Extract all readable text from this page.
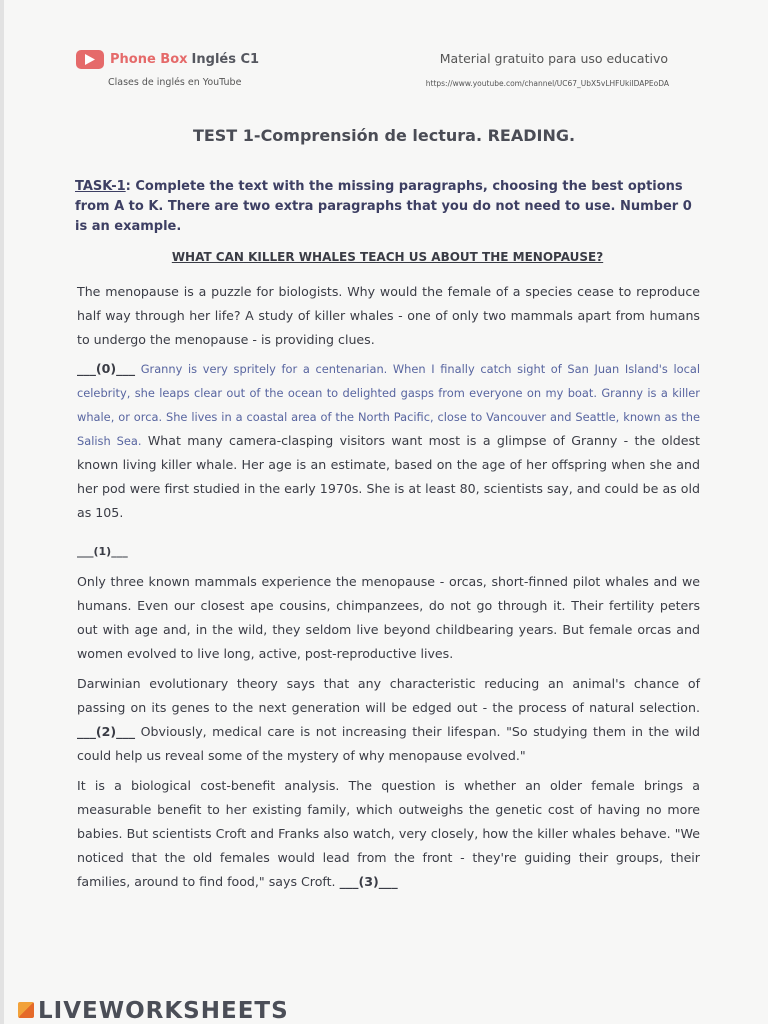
Phone Box Inglés C1
Clases de inglés en YouTube
Material gratuito para uso educativo
https://www.youtube.com/channel/UC67_UbX5vLHFUkiIDAPEoDA
TEST 1-Comprensión de lectura. READING.
TASK-1: Complete the text with the missing paragraphs, choosing the best options from A to K. There are two extra paragraphs that you do not need to use. Number 0 is an example.
WHAT CAN KILLER WHALES TEACH US ABOUT THE MENOPAUSE?
The menopause is a puzzle for biologists. Why would the female of a species cease to reproduce half way through her life? A study of killer whales - one of only two mammals apart from humans to undergo the menopause - is providing clues.
___(0)___ Granny is very spritely for a centenarian. When I finally catch sight of San Juan Island's local celebrity, she leaps clear out of the ocean to delighted gasps from everyone on my boat. Granny is a killer whale, or orca. She lives in a coastal area of the North Pacific, close to Vancouver and Seattle, known as the Salish Sea. What many camera-clasping visitors want most is a glimpse of Granny - the oldest known living killer whale. Her age is an estimate, based on the age of her offspring when she and her pod were first studied in the early 1970s. She is at least 80, scientists say, and could be as old as 105.
___(1)___
Only three known mammals experience the menopause - orcas, short-finned pilot whales and we humans. Even our closest ape cousins, chimpanzees, do not go through it. Their fertility peters out with age and, in the wild, they seldom live beyond childbearing years. But female orcas and women evolved to live long, active, post-reproductive lives.
Darwinian evolutionary theory says that any characteristic reducing an animal's chance of passing on its genes to the next generation will be edged out - the process of natural selection. ___(2)___ Obviously, medical care is not increasing their lifespan. "So studying them in the wild could help us reveal some of the mystery of why menopause evolved."
It is a biological cost-benefit analysis. The question is whether an older female brings a measurable benefit to her existing family, which outweighs the genetic cost of having no more babies. But scientists Croft and Franks also watch, very closely, how the killer whales behave. "We noticed that the old females would lead from the front - they're guiding their groups, their families, around to find food," says Croft. ___(3)___
LIVEWORKSHEETS
